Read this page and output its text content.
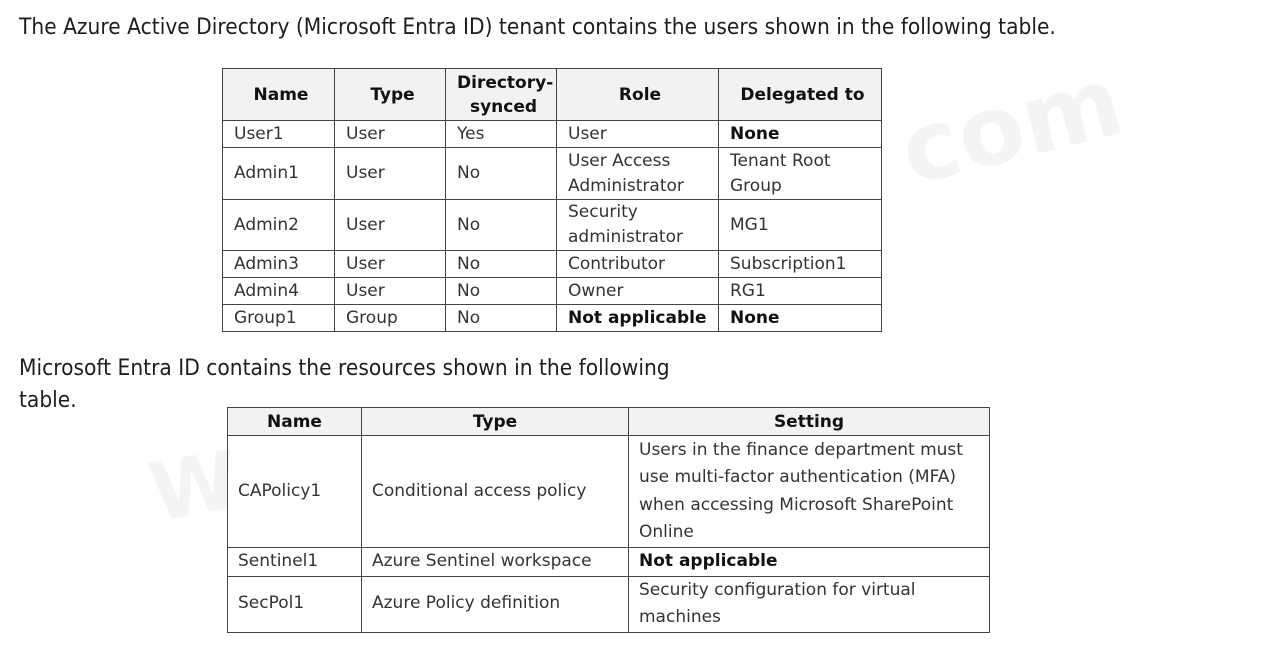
The Azure Active Directory (Microsoft Entra ID) tenant contains the users shown in the following table.

Name	Type	Directory-synced	Role	Delegated to
User1	User	Yes	User	None
Admin1	User	No	User Access Administrator	Tenant Root Group
Admin2	User	No	Security administrator	MG1
Admin3	User	No	Contributor	Subscription1
Admin4	User	No	Owner	RG1
Group1	Group	No	Not applicable	None

Microsoft Entra ID contains the resources shown in the following table.

Name	Type	Setting
CAPolicy1	Conditional access policy	Users in the finance department must use multi-factor authentication (MFA) when accessing Microsoft SharePoint Online
Sentinel1	Azure Sentinel workspace	Not applicable
SecPol1	Azure Policy definition	Security configuration for virtual machines
com
W
